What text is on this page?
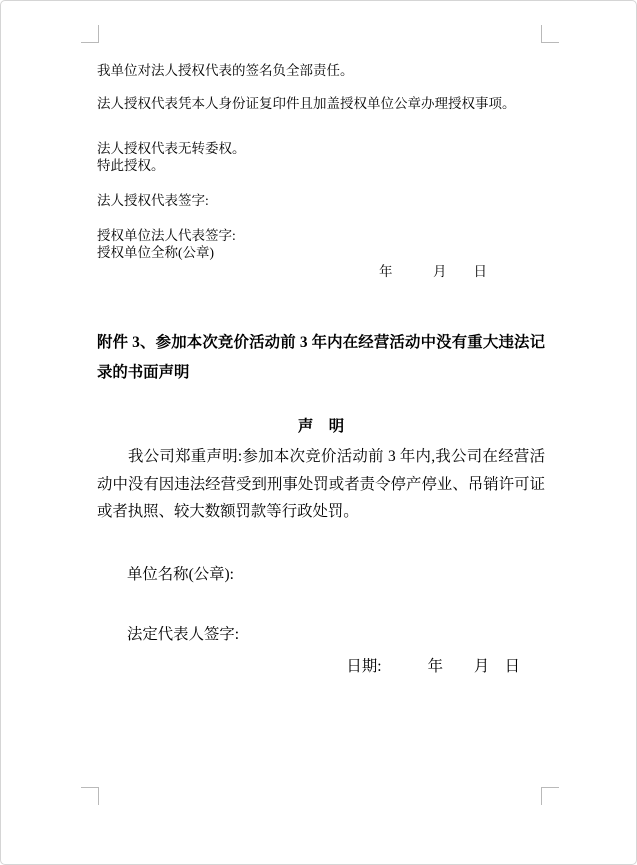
我单位对法人授权代表的签名负全部责任。
法人授权代表凭本人身份证复印件且加盖授权单位公章办理授权事项。
法人授权代表无转委权。
特此授权。
法人授权代表签字:
授权单位法人代表签字:
授权单位全称(公章)
年　　　月　　日
附件 3、参加本次竞价活动前 3 年内在经营活动中没有重大违法记录的书面声明
声　明
我公司郑重声明:参加本次竞价活动前 3 年内,我公司在经营活动中没有因违法经营受到刑事处罚或者责令停产停业、吊销许可证或者执照、较大数额罚款等行政处罚。
单位名称(公章):
法定代表人签字:
日期:　　　年　　月　日
